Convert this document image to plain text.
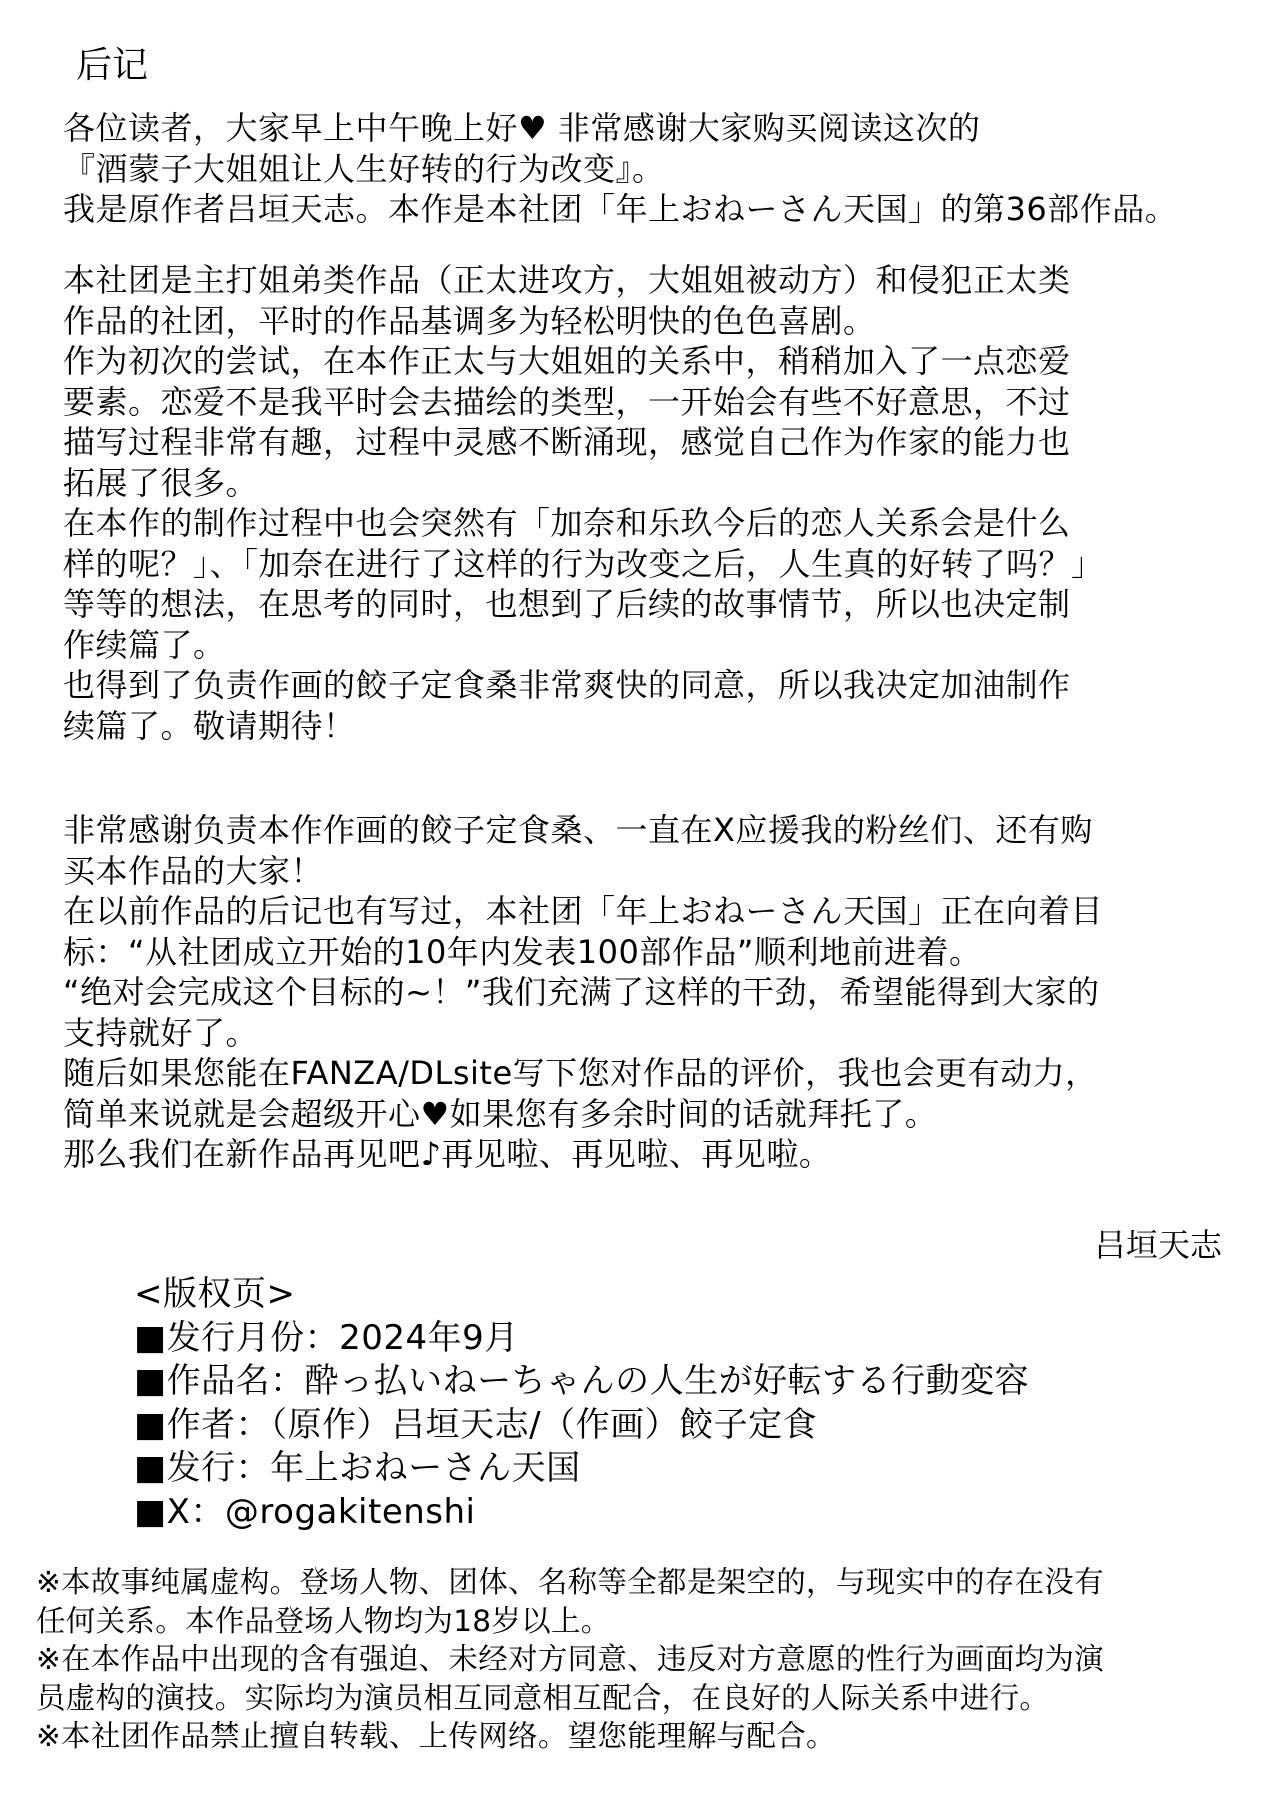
后记
各位读者，大家早上中午晚上好♥ 非常感谢大家购买阅读这次的
『酒蒙子大姐姐让人生好转的行为改变』。
我是原作者吕垣天志。本作是本社团「年上おねーさん天国」的第36部作品。
本社团是主打姐弟类作品（正太进攻方，大姐姐被动方）和侵犯正太类
作品的社团，平时的作品基调多为轻松明快的色色喜剧。
作为初次的尝试，在本作正太与大姐姐的关系中，稍稍加入了一点恋爱
要素。恋爱不是我平时会去描绘的类型，一开始会有些不好意思，不过
描写过程非常有趣，过程中灵感不断涌现，感觉自己作为作家的能力也
拓展了很多。
在本作的制作过程中也会突然有「加奈和乐玖今后的恋人关系会是什么
样的呢？」、「加奈在进行了这样的行为改变之后，人生真的好转了吗？」
等等的想法，在思考的同时，也想到了后续的故事情节，所以也决定制
作续篇了。
也得到了负责作画的餃子定食桑非常爽快的同意，所以我决定加油制作
续篇了。敬请期待！
非常感谢负责本作作画的餃子定食桑、一直在X应援我的粉丝们、还有购
买本作品的大家！
在以前作品的后记也有写过，本社团「年上おねーさん天国」正在向着目
标：“从社团成立开始的10年内发表100部作品”顺利地前进着。
“绝对会完成这个目标的~！”我们充满了这样的干劲，希望能得到大家的
支持就好了。
随后如果您能在FANZA/DLsite写下您对作品的评价，我也会更有动力，
简单来说就是会超级开心♥如果您有多余时间的话就拜托了。
那么我们在新作品再见吧♪再见啦、再见啦、再见啦。
吕垣天志
<版权页>
■发行月份：2024年9月
■作品名：酔っ払いねーちゃんの人生が好転する行動変容
■作者：（原作）吕垣天志/（作画）餃子定食
■发行：年上おねーさん天国
■X：@rogakitenshi
※本故事纯属虚构。登场人物、团体、名称等全都是架空的，与现实中的存在没有
任何关系。本作品登场人物均为18岁以上。
※在本作品中出现的含有强迫、未经对方同意、违反对方意愿的性行为画面均为演
员虚构的演技。实际均为演员相互同意相互配合，在良好的人际关系中进行。
※本社团作品禁止擅自转载、上传网络。望您能理解与配合。
